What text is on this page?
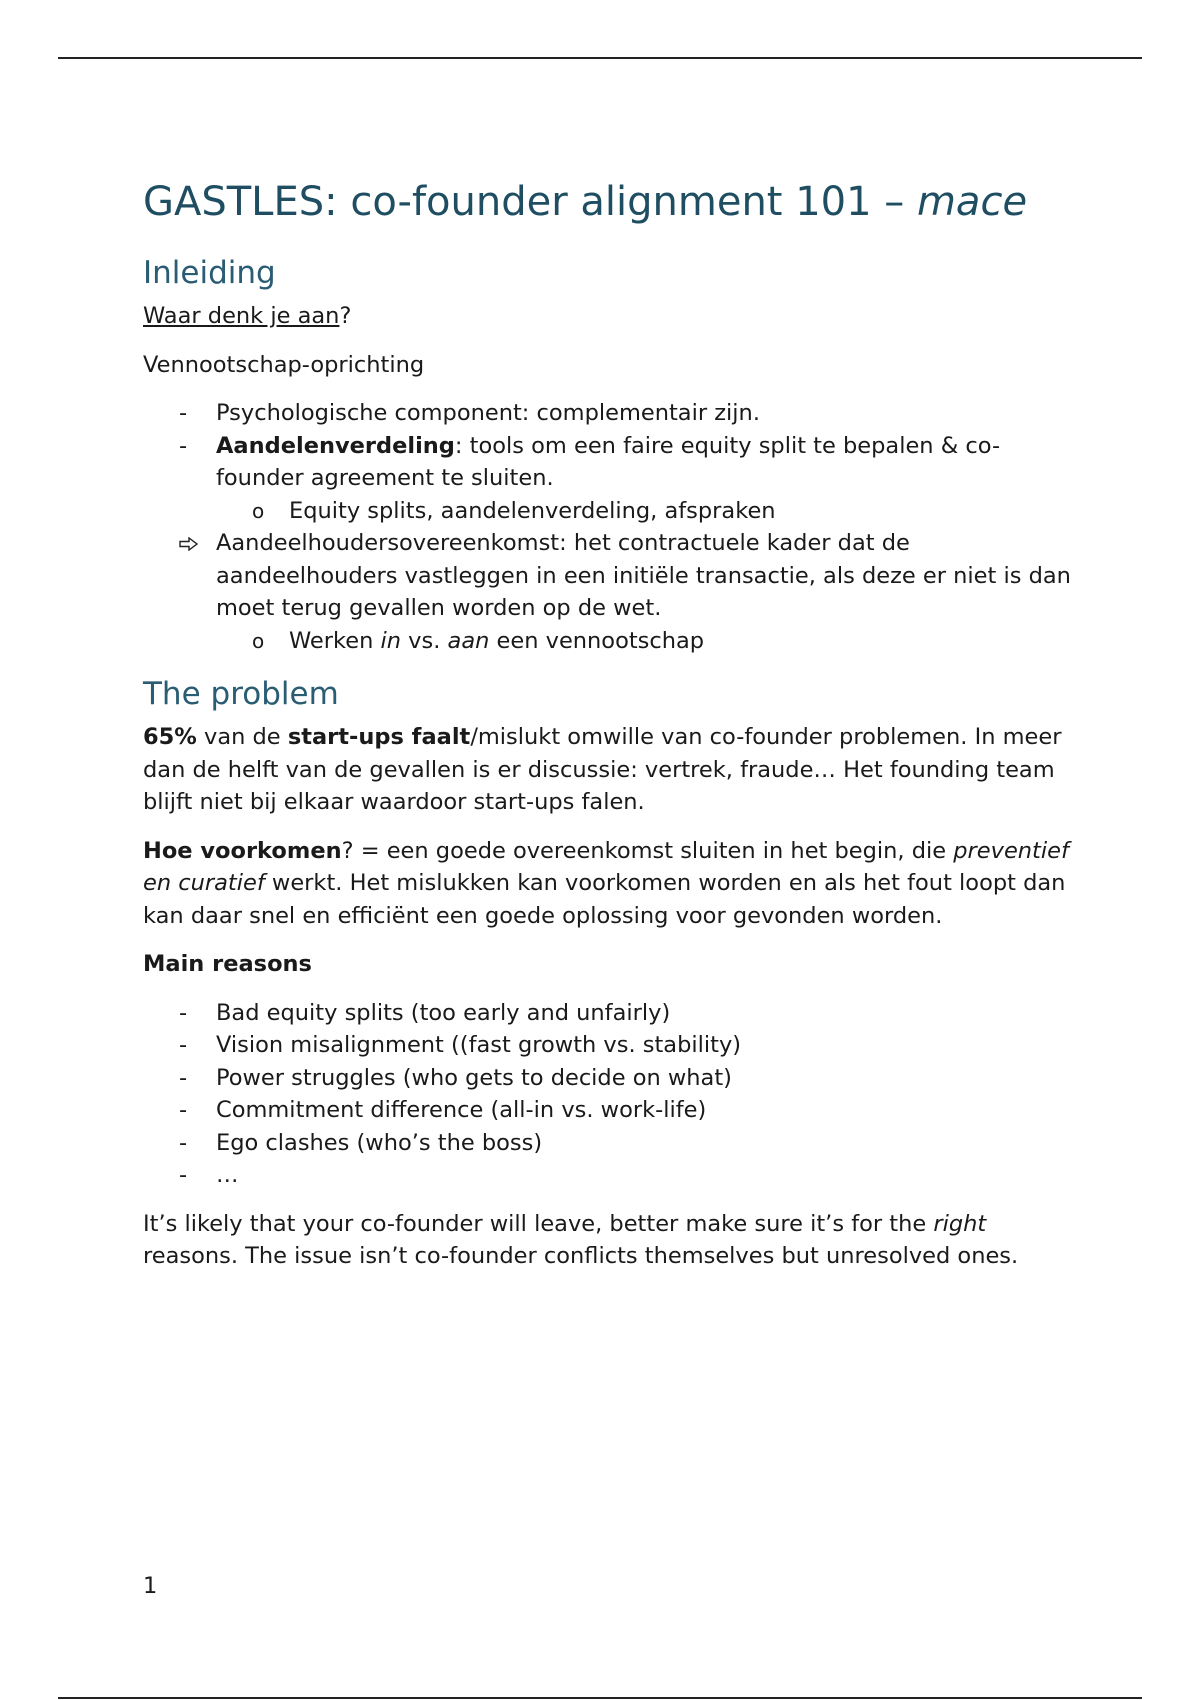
GASTLES: co-founder alignment 101 – mace
Inleiding

Waar denk je aan?

Vennootschap-oprichting

- Psychologische component: complementair zijn.
- Aandelenverdeling: tools om een faire equity split te bepalen & co-founder agreement te sluiten.
o Equity splits, aandelenverdeling, afspraken
Aandeelhoudersovereenkomst: het contractuele kader dat de aandeelhouders vastleggen in een initiële transactie, als deze er niet is dan moet terug gevallen worden op de wet.
o Werken in vs. aan een vennootschap
The problem

65% van de start-ups faalt/mislukt omwille van co-founder problemen. In meer dan de helft van de gevallen is er discussie: vertrek, fraude… Het founding team blijft niet bij elkaar waardoor start-ups falen.

Hoe voorkomen? = een goede overeenkomst sluiten in het begin, die preventief en curatief werkt. Het mislukken kan voorkomen worden en als het fout loopt dan kan daar snel en efficiënt een goede oplossing voor gevonden worden.

Main reasons

- Bad equity splits (too early and unfairly)
- Vision misalignment ((fast growth vs. stability)
- Power struggles (who gets to decide on what)
- Commitment difference (all-in vs. work-life)
- Ego clashes (who’s the boss)
- …

It’s likely that your co-founder will leave, better make sure it’s for the right reasons. The issue isn’t co-founder conflicts themselves but unresolved ones.

1
